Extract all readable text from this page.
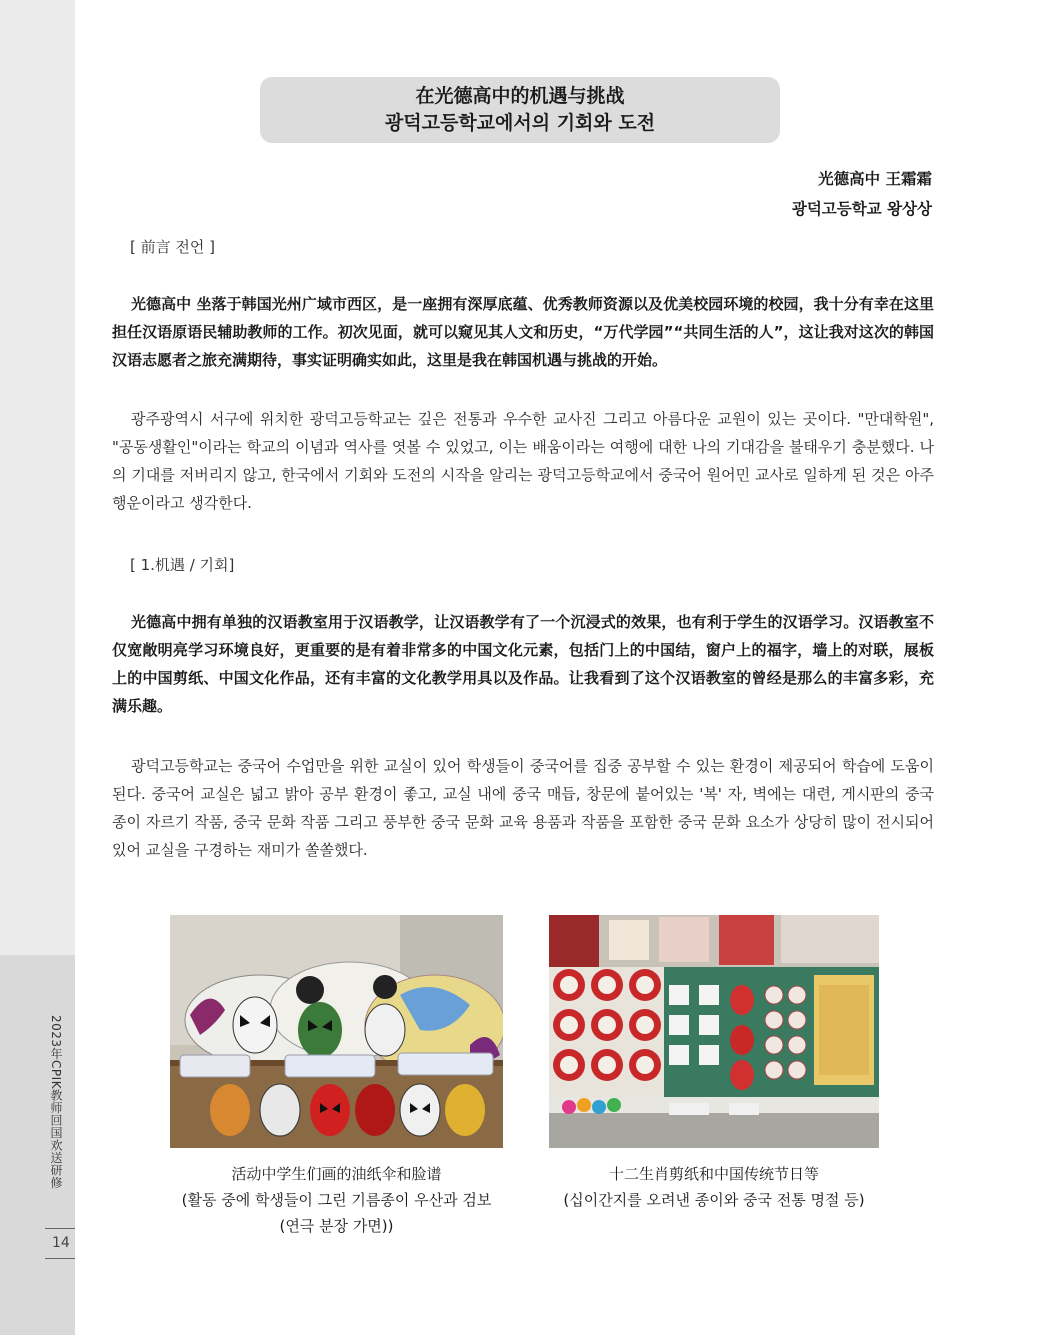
2023年CPIK教师回国欢送研修
14
在光德高中的机遇与挑战
광덕고등학교에서의 기회와 도전
光德高中 王霜霜
광덕고등학교 왕상상
[ 前言 전언 ]

光德高中 坐落于韩国光州广域市西区，是一座拥有深厚底蕴、优秀教师资源以及优美校园环境的校园，我十分有幸在这里担任汉语原语民辅助教师的工作。初次见面，就可以窥见其人文和历史，“万代学园”“共同生活的人”，这让我对这次的韩国汉语志愿者之旅充满期待，事实证明确实如此，这里是我在韩国机遇与挑战的开始。

광주광역시 서구에 위치한 광덕고등학교는 깊은 전통과 우수한 교사진 그리고 아름다운 교원이 있는 곳이다. "만대학원", "공동생활인"이라는 학교의 이념과 역사를 엿볼 수 있었고, 이는 배움이라는 여행에 대한 나의 기대감을 불태우기 충분했다. 나의 기대를 저버리지 않고, 한국에서 기회와 도전의 시작을 알리는 광덕고등학교에서 중국어 원어민 교사로 일하게 된 것은 아주 행운이라고 생각한다.

[ 1.机遇 / 기회]

光德高中拥有单独的汉语教室用于汉语教学，让汉语教学有了一个沉浸式的效果，也有利于学生的汉语学习。汉语教室不仅宽敞明亮学习环境良好，更重要的是有着非常多的中国文化元素，包括门上的中国结，窗户上的福字，墙上的对联，展板上的中国剪纸、中国文化作品，还有丰富的文化教学用具以及作品。让我看到了这个汉语教室的曾经是那么的丰富多彩，充满乐趣。

광덕고등학교는 중국어 수업만을 위한 교실이 있어 학생들이 중국어를 집중 공부할 수 있는 환경이 제공되어 학습에 도움이 된다. 중국어 교실은 넓고 밝아 공부 환경이 좋고, 교실 내에 중국 매듭, 창문에 붙어있는 '복' 자, 벽에는 대련, 게시판의 중국 종이 자르기 작품, 중국 문화 작품 그리고 풍부한 중국 문화 교육 용품과 작품을 포함한 중국 문화 요소가 상당히 많이 전시되어 있어 교실을 구경하는 재미가 쏠쏠했다.

活动中学生们画的油纸伞和脸谱
(활동 중에 학생들이 그린 기름종이 우산과 검보
(연극 분장 가면))
十二生肖剪纸和中国传统节日等
(십이간지를 오려낸 종이와 중국 전통 명절 등)
